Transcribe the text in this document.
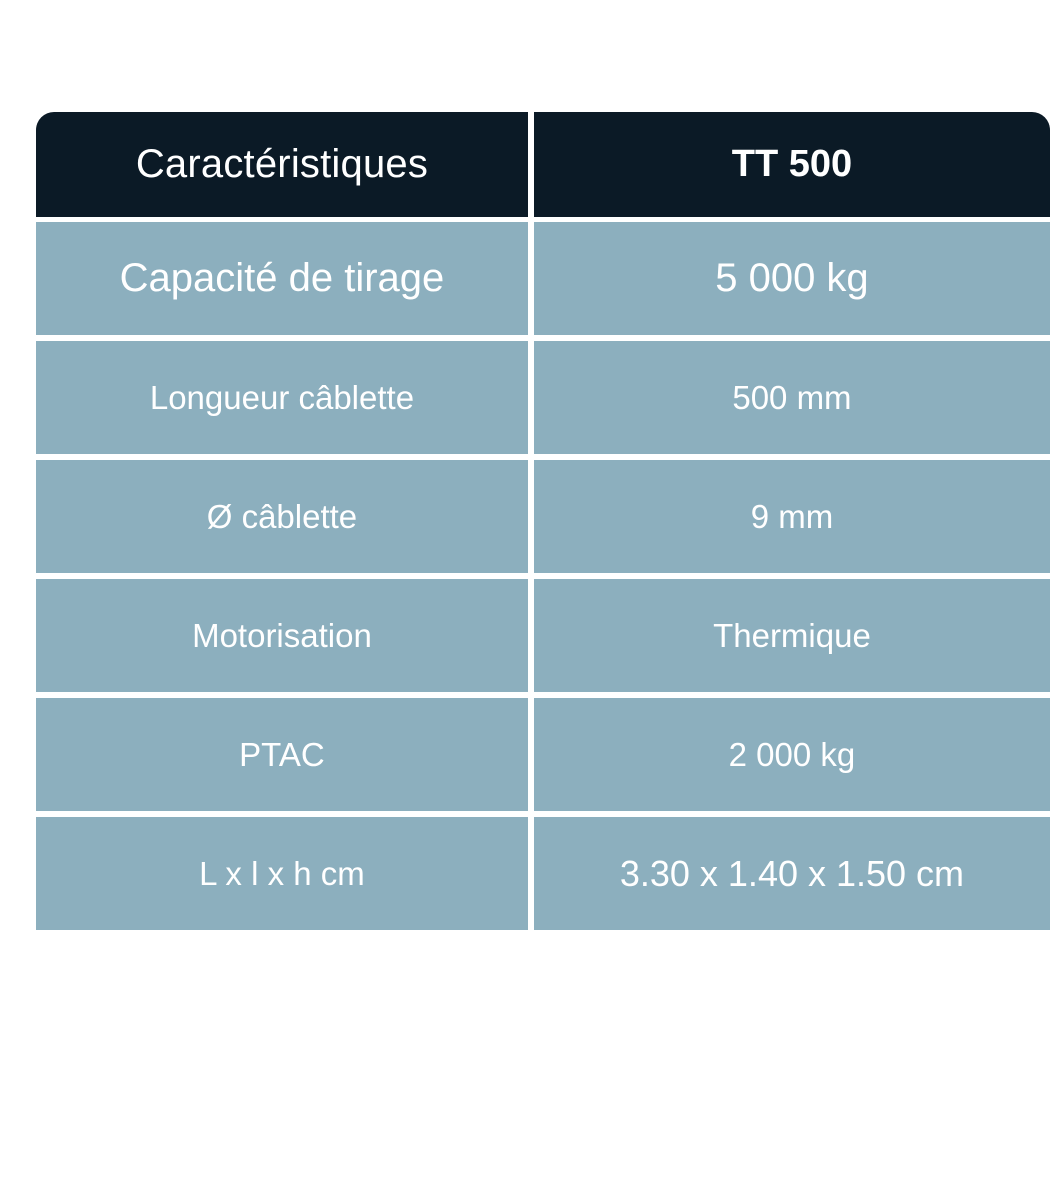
Caractéristiques	TT 500
Capacité de tirage	5 000 kg
Longueur câblette	500 mm
Ø câblette	9 mm
Motorisation	Thermique
PTAC	2 000 kg
L x l x h cm	3.30 x 1.40 x 1.50 cm
